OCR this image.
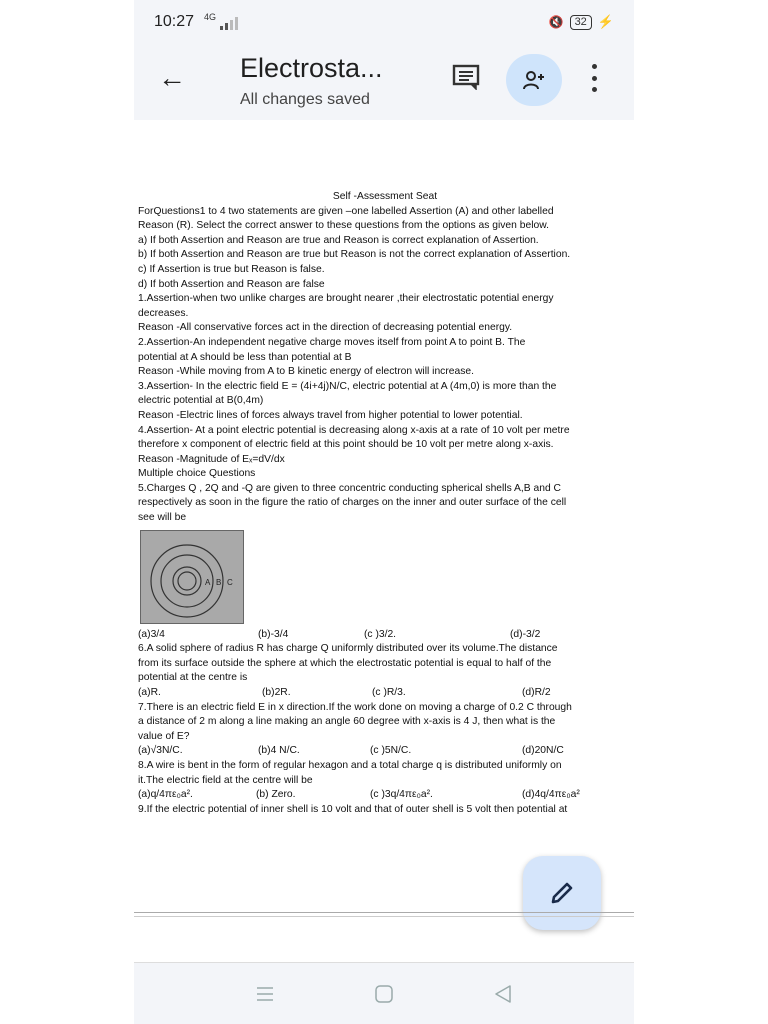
10:27 4G	🔇	32 ⚡
← Electrosta...
All changes saved

Self -Assessment Seat

ForQuestions1 to 4 two statements are given –one labelled Assertion (A) and other labelled

Reason (R). Select the correct answer to these questions from the options as given below.

a) If both Assertion and Reason are true and Reason is correct explanation of Assertion.

b) If both Assertion and Reason are true but Reason is not the correct explanation of Assertion.

c) If Assertion is true but Reason is false.

d) If both Assertion and Reason are false

1.Assertion-when two unlike charges are brought nearer ,their electrostatic potential energy

decreases.

Reason -All conservative forces act in the direction of decreasing potential energy.

2.Assertion-An independent negative charge moves itself from point A to point B. The

potential at A should be less than potential at B

Reason -While moving from A to B kinetic energy of electron will increase.

3.Assertion- In the electric field E = (4i+4j)N/C, electric potential at A (4m,0) is more than the

electric potential at B(0,4m)

Reason -Electric lines of forces always travel from higher potential to lower potential.

4.Assertion- At a point electric potential is decreasing along x-axis at a rate of 10 volt per metre

therefore x component of electric field at this point should be 10 volt per metre along x-axis.

Reason -Magnitude of Eₓ=dV/dx

Multiple choice Questions

5.Charges Q , 2Q and -Q are given to three concentric conducting spherical shells A,B and C

respectively as soon in the figure the ratio of charges on the inner and outer surface of the cell

see will be

A B C
(a)3/4	(b)-3/4	(c )3/2.	(d)-3/2

6.A solid sphere of radius R has charge Q uniformly distributed over its volume.The distance

from its surface outside the sphere at which the electrostatic potential is equal to half of the

potential at the centre is

(a)R.	(b)2R.	(c )R/3.	(d)R/2

7.There is an electric field E in x direction.If the work done on moving a charge of 0.2 C through

a distance of 2 m along a line making an angle 60 degree with x-axis is 4 J, then what is the

value of E?

(a)√3N/C.	(b)4 N/C.	(c )5N/C.	(d)20N/C

8.A wire is bent in the form of regular hexagon and a total charge q is distributed uniformly on

it.The electric field at the centre will be

(a)q/4πε₀a².	(b) Zero.	(c )3q/4πε₀a².	(d)4q/4πε₀a²

9.If the electric potential of inner shell is 10 volt and that of outer shell is 5 volt then potential at
